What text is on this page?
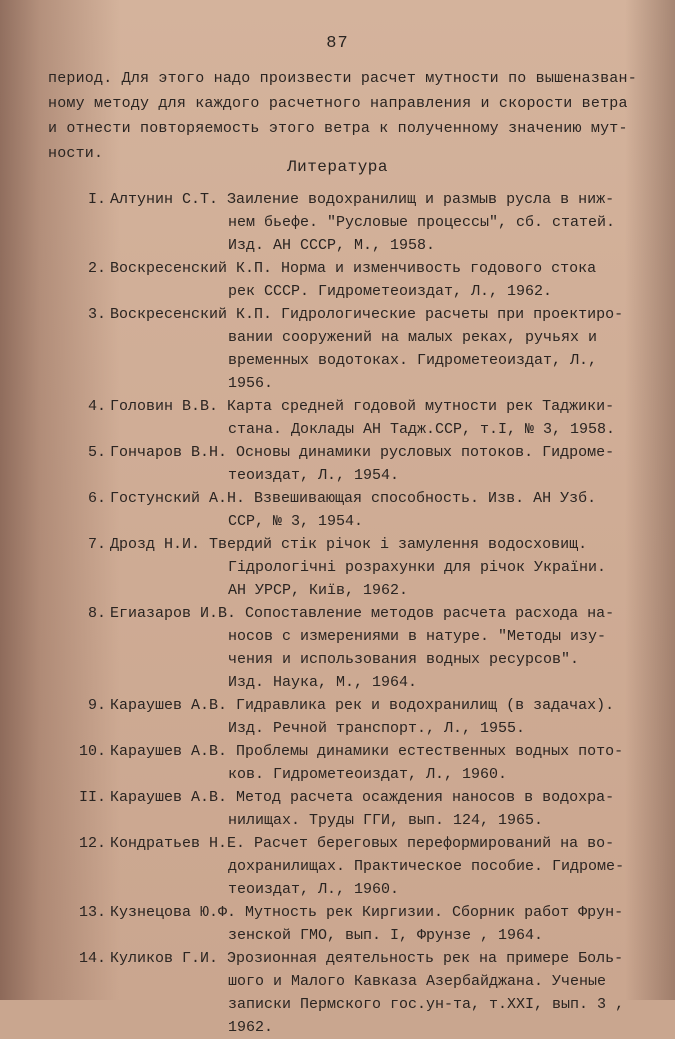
87
период. Для этого надо произвести расчет мутности по вышеназван-
ному методу для каждого расчетного направления и скорости ветра
и отнести повторяемость этого ветра к полученному значению мут-
ности.
Литература
I. Алтунин С.Т. Заиление водохранилищ и размыв русла в ниж-
нем бьефе. "Русловые процессы", сб. статей.
Изд. АН СССР, М., 1958.
2. Воскресенский К.П. Норма и изменчивость годового стока
рек СССР. Гидрометеоиздат, Л., 1962.
3. Воскресенский К.П. Гидрологические расчеты при проектиро-
вании сооружений на малых реках, ручьях и
временных водотоках. Гидрометеоиздат, Л.,
1956.
4. Головин В.В. Карта средней годовой мутности рек Таджики-
стана. Доклады АН Тадж.ССР, т.I, № 3, 1958.
5. Гончаров В.Н. Основы динамики русловых потоков. Гидроме-
теоиздат, Л., 1954.
6. Гостунский А.Н. Взвешивающая способность. Изв. АН Узб.
ССР, № 3, 1954.
7. Дрозд Н.И. Твердий стік річок і замулення водосховищ.
Гідрологічні розрахунки для річок України.
АН УРСР, Київ, 1962.
8. Егиазаров И.В. Сопоставление методов расчета расхода на-
носов с измерениями в натуре. "Методы изу-
чения и использования водных ресурсов".
Изд. Наука, М., 1964.
9. Караушев А.В. Гидравлика рек и водохранилищ (в задачах).
Изд. Речной транспорт., Л., 1955.
10. Караушев А.В. Проблемы динамики естественных водных пото-
ков. Гидрометеоиздат, Л., 1960.
II. Караушев А.В. Метод расчета осаждения наносов в водохра-
нилищах. Труды ГГИ, вып. 124, 1965.
12. Кондратьев Н.Е. Расчет береговых переформирований на во-
дохранилищах. Практическое пособие. Гидроме-
теоиздат, Л., 1960.
13. Кузнецова Ю.Ф. Мутность рек Киргизии. Сборник работ Фрун-
зенской ГМО, вып. I, Фрунзе , 1964.
14. Куликов Г.И. Эрозионная деятельность рек на примере Боль-
шого и Малого Кавказа Азербайджана. Ученые
записки Пермского гос.ун-та, т.XXI, вып. 3 ,
1962.
